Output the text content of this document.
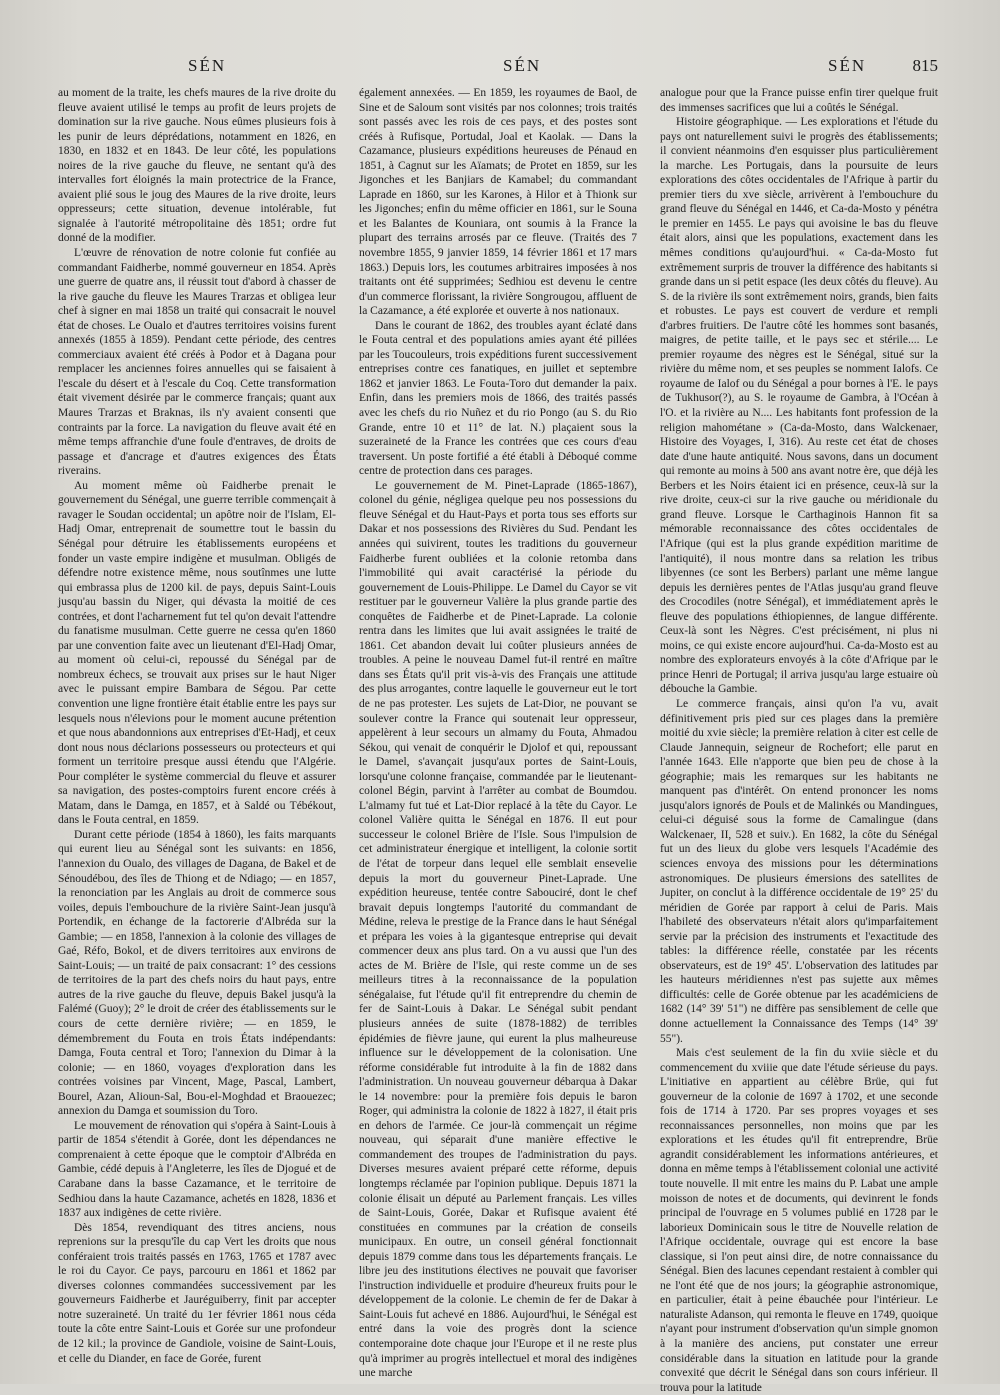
SÉN	SÉN	SÉN	815

au moment de la traite, les chefs maures de la rive droite du fleuve avaient utilisé le temps au profit de leurs projets de domination sur la rive gauche. Nous eûmes plusieurs fois à les punir de leurs déprédations, notamment en 1826, en 1830, en 1832 et en 1843. De leur côté, les populations noires de la rive gauche du fleuve, ne sentant qu'à des intervalles fort éloignés la main protectrice de la France, avaient plié sous le joug des Maures de la rive droite, leurs oppresseurs; cette situation, devenue intolérable, fut signalée à l'autorité métropolitaine dès 1851; ordre fut donné de la modifier.

L'œuvre de rénovation de notre colonie fut confiée au commandant Faidherbe, nommé gouverneur en 1854. Après une guerre de quatre ans, il réussit tout d'abord à chasser de la rive gauche du fleuve les Maures Trarzas et obligea leur chef à signer en mai 1858 un traité qui consacrait le nouvel état de choses. Le Oualo et d'autres territoires voisins furent annexés (1855 à 1859). Pendant cette période, des centres commerciaux avaient été créés à Podor et à Dagana pour remplacer les anciennes foires annuelles qui se faisaient à l'escale du désert et à l'escale du Coq. Cette transformation était vivement désirée par le commerce français; quant aux Maures Trarzas et Braknas, ils n'y avaient consenti que contraints par la force. La navigation du fleuve avait été en même temps affranchie d'une foule d'entraves, de droits de passage et d'ancrage et d'autres exigences des États riverains.

Au moment même où Faidherbe prenait le gouvernement du Sénégal, une guerre terrible commençait à ravager le Soudan occidental; un apôtre noir de l'Islam, El-Hadj Omar, entreprenait de soumettre tout le bassin du Sénégal pour détruire les établissements européens et fonder un vaste empire indigène et musulman. Obligés de défendre notre existence même, nous soutînmes une lutte qui embrassa plus de 1200 kil. de pays, depuis Saint-Louis jusqu'au bassin du Niger, qui dévasta la moitié de ces contrées, et dont l'acharnement fut tel qu'on devait l'attendre du fanatisme musulman. Cette guerre ne cessa qu'en 1860 par une convention faite avec un lieutenant d'El-Hadj Omar, au moment où celui-ci, repoussé du Sénégal par de nombreux échecs, se trouvait aux prises sur le haut Niger avec le puissant empire Bambara de Ségou. Par cette convention une ligne frontière était établie entre les pays sur lesquels nous n'élevions pour le moment aucune prétention et que nous abandonnions aux entreprises d'Et-Hadj, et ceux dont nous nous déclarions possesseurs ou protecteurs et qui forment un territoire presque aussi étendu que l'Algérie. Pour compléter le système commercial du fleuve et assurer sa navigation, des postes-comptoirs furent encore créés à Matam, dans le Damga, en 1857, et à Saldé ou Tébékout, dans le Fouta central, en 1859.

Durant cette période (1854 à 1860), les faits marquants qui eurent lieu au Sénégal sont les suivants: en 1856, l'annexion du Oualo, des villages de Dagana, de Bakel et de Sénoudébou, des îles de Thiong et de Ndiago; — en 1857, la renonciation par les Anglais au droit de commerce sous voiles, depuis l'embouchure de la rivière Saint-Jean jusqu'à Portendik, en échange de la factorerie d'Albréda sur la Gambie; — en 1858, l'annexion à la colonie des villages de Gaé, Réfo, Bokol, et de divers territoires aux environs de Saint-Louis; — un traité de paix consacrant: 1° des cessions de territoires de la part des chefs noirs du haut pays, entre autres de la rive gauche du fleuve, depuis Bakel jusqu'à la Falémé (Guoy); 2° le droit de créer des établissements sur le cours de cette dernière rivière; — en 1859, le démembrement du Fouta en trois États indépendants: Damga, Fouta central et Toro; l'annexion du Dimar à la colonie; — en 1860, voyages d'exploration dans les contrées voisines par Vincent, Mage, Pascal, Lambert, Bourel, Azan, Alioun-Sal, Bou-el-Moghdad et Braouezec; annexion du Damga et soumission du Toro.

Le mouvement de rénovation qui s'opéra à Saint-Louis à partir de 1854 s'étendit à Gorée, dont les dépendances ne comprenaient à cette époque que le comptoir d'Albréda en Gambie, cédé depuis à l'Angleterre, les îles de Djogué et de Carabane dans la basse Cazamance, et le territoire de Sedhiou dans la haute Cazamance, achetés en 1828, 1836 et 1837 aux indigènes de cette rivière.

Dès 1854, revendiquant des titres anciens, nous reprenions sur la presqu'île du cap Vert les droits que nous conféraient trois traités passés en 1763, 1765 et 1787 avec le roi du Cayor. Ce pays, parcouru en 1861 et 1862 par diverses colonnes commandées successivement par les gouverneurs Faidherbe et Jauréguiberry, finit par accepter notre suzeraineté. Un traité du 1er février 1861 nous céda toute la côte entre Saint-Louis et Gorée sur une profondeur de 12 kil.; la province de Gandiole, voisine de Saint-Louis, et celle du Diander, en face de Gorée, furent

également annexées. — En 1859, les royaumes de Baol, de Sine et de Saloum sont visités par nos colonnes; trois traités sont passés avec les rois de ces pays, et des postes sont créés à Rufisque, Portudal, Joal et Kaolak. — Dans la Cazamance, plusieurs expéditions heureuses de Pénaud en 1851, à Cagnut sur les Aïamats; de Protet en 1859, sur les Jigonches et les Banjiars de Kamabel; du commandant Laprade en 1860, sur les Karones, à Hilor et à Thionk sur les Jigonches; enfin du même officier en 1861, sur le Souna et les Balantes de Kouniara, ont soumis à la France la plupart des terrains arrosés par ce fleuve. (Traités des 7 novembre 1855, 9 janvier 1859, 14 février 1861 et 17 mars 1863.) Depuis lors, les coutumes arbitraires imposées à nos traitants ont été supprimées; Sedhiou est devenu le centre d'un commerce florissant, la rivière Songrougou, affluent de la Cazamance, a été explorée et ouverte à nos nationaux.

Dans le courant de 1862, des troubles ayant éclaté dans le Fouta central et des populations amies ayant été pillées par les Toucouleurs, trois expéditions furent successivement entreprises contre ces fanatiques, en juillet et septembre 1862 et janvier 1863. Le Fouta-Toro dut demander la paix. Enfin, dans les premiers mois de 1866, des traités passés avec les chefs du rio Nuñez et du rio Pongo (au S. du Rio Grande, entre 10 et 11° de lat. N.) plaçaient sous la suzeraineté de la France les contrées que ces cours d'eau traversent. Un poste fortifié a été établi à Déboqué comme centre de protection dans ces parages.

Le gouvernement de M. Pinet-Laprade (1865-1867), colonel du génie, négligea quelque peu nos possessions du fleuve Sénégal et du Haut-Pays et porta tous ses efforts sur Dakar et nos possessions des Rivières du Sud. Pendant les années qui suivirent, toutes les traditions du gouverneur Faidherbe furent oubliées et la colonie retomba dans l'immobilité qui avait caractérisé la période du gouvernement de Louis-Philippe. Le Damel du Cayor se vit restituer par le gouverneur Valière la plus grande partie des conquêtes de Faidherbe et de Pinet-Laprade. La colonie rentra dans les limites que lui avait assignées le traité de 1861. Cet abandon devait lui coûter plusieurs années de troubles. A peine le nouveau Damel fut-il rentré en maître dans ses États qu'il prit vis-à-vis des Français une attitude des plus arrogantes, contre laquelle le gouverneur eut le tort de ne pas protester. Les sujets de Lat-Dior, ne pouvant se soulever contre la France qui soutenait leur oppresseur, appelèrent à leur secours un almamy du Fouta, Ahmadou Sékou, qui venait de conquérir le Djolof et qui, repoussant le Damel, s'avançait jusqu'aux portes de Saint-Louis, lorsqu'une colonne française, commandée par le lieutenant-colonel Bégin, parvint à l'arrêter au combat de Boumdou. L'almamy fut tué et Lat-Dior replacé à la tête du Cayor. Le colonel Valière quitta le Sénégal en 1876. Il eut pour successeur le colonel Brière de l'Isle. Sous l'impulsion de cet administrateur énergique et intelligent, la colonie sortit de l'état de torpeur dans lequel elle semblait ensevelie depuis la mort du gouverneur Pinet-Laprade. Une expédition heureuse, tentée contre Sabouciré, dont le chef bravait depuis longtemps l'autorité du commandant de Médine, releva le prestige de la France dans le haut Sénégal et prépara les voies à la gigantesque entreprise qui devait commencer deux ans plus tard. On a vu aussi que l'un des actes de M. Brière de l'Isle, qui reste comme un de ses meilleurs titres à la reconnaissance de la population sénégalaise, fut l'étude qu'il fit entreprendre du chemin de fer de Saint-Louis à Dakar. Le Sénégal subit pendant plusieurs années de suite (1878-1882) de terribles épidémies de fièvre jaune, qui eurent la plus malheureuse influence sur le développement de la colonisation. Une réforme considérable fut introduite à la fin de 1882 dans l'administration. Un nouveau gouverneur débarqua à Dakar le 14 novembre: pour la première fois depuis le baron Roger, qui administra la colonie de 1822 à 1827, il était pris en dehors de l'armée. Ce jour-là commençait un régime nouveau, qui séparait d'une manière effective le commandement des troupes de l'administration du pays. Diverses mesures avaient préparé cette réforme, depuis longtemps réclamée par l'opinion publique. Depuis 1871 la colonie élisait un député au Parlement français. Les villes de Saint-Louis, Gorée, Dakar et Rufisque avaient été constituées en communes par la création de conseils municipaux. En outre, un conseil général fonctionnait depuis 1879 comme dans tous les départements français. Le libre jeu des institutions électives ne pouvait que favoriser l'instruction individuelle et produire d'heureux fruits pour le développement de la colonie. Le chemin de fer de Dakar à Saint-Louis fut achevé en 1886. Aujourd'hui, le Sénégal est entré dans la voie des progrès dont la science contemporaine dote chaque jour l'Europe et il ne reste plus qu'à imprimer au progrès intellectuel et moral des indigènes une marche

analogue pour que la France puisse enfin tirer quelque fruit des immenses sacrifices que lui a coûtés le Sénégal.

Histoire géographique. — Les explorations et l'étude du pays ont naturellement suivi le progrès des établissements; il convient néanmoins d'en esquisser plus particulièrement la marche. Les Portugais, dans la poursuite de leurs explorations des côtes occidentales de l'Afrique à partir du premier tiers du xve siècle, arrivèrent à l'embouchure du grand fleuve du Sénégal en 1446, et Ca-da-Mosto y pénétra le premier en 1455. Le pays qui avoisine le bas du fleuve était alors, ainsi que les populations, exactement dans les mêmes conditions qu'aujourd'hui. « Ca-da-Mosto fut extrêmement surpris de trouver la différence des habitants si grande dans un si petit espace (les deux côtés du fleuve). Au S. de la rivière ils sont extrêmement noirs, grands, bien faits et robustes. Le pays est couvert de verdure et rempli d'arbres fruitiers. De l'autre côté les hommes sont basanés, maigres, de petite taille, et le pays sec et stérile.... Le premier royaume des nègres est le Sénégal, situé sur la rivière du même nom, et ses peuples se nomment Ialofs. Ce royaume de Ialof ou du Sénégal a pour bornes à l'E. le pays de Tukhusor(?), au S. le royaume de Gambra, à l'Océan à l'O. et la rivière au N.... Les habitants font profession de la religion mahométane » (Ca-da-Mosto, dans Walckenaer, Histoire des Voyages, I, 316). Au reste cet état de choses date d'une haute antiquité. Nous savons, dans un document qui remonte au moins à 500 ans avant notre ère, que déjà les Berbers et les Noirs étaient ici en présence, ceux-là sur la rive droite, ceux-ci sur la rive gauche ou méridionale du grand fleuve. Lorsque le Carthaginois Hannon fit sa mémorable reconnaissance des côtes occidentales de l'Afrique (qui est la plus grande expédition maritime de l'antiquité), il nous montre dans sa relation les tribus libyennes (ce sont les Berbers) parlant une même langue depuis les dernières pentes de l'Atlas jusqu'au grand fleuve des Crocodiles (notre Sénégal), et immédiatement après le fleuve des populations éthiopiennes, de langue différente. Ceux-là sont les Nègres. C'est précisément, ni plus ni moins, ce qui existe encore aujourd'hui. Ca-da-Mosto est au nombre des explorateurs envoyés à la côte d'Afrique par le prince Henri de Portugal; il arriva jusqu'au large estuaire où débouche la Gambie.

Le commerce français, ainsi qu'on l'a vu, avait définitivement pris pied sur ces plages dans la première moitié du xvie siècle; la première relation à citer est celle de Claude Jannequin, seigneur de Rochefort; elle parut en l'année 1643. Elle n'apporte que bien peu de chose à la géographie; mais les remarques sur les habitants ne manquent pas d'intérêt. On entend prononcer les noms jusqu'alors ignorés de Pouls et de Malinkés ou Mandingues, celui-ci déguisé sous la forme de Camalingue (dans Walckenaer, II, 528 et suiv.). En 1682, la côte du Sénégal fut un des lieux du globe vers lesquels l'Académie des sciences envoya des missions pour les déterminations astronomiques. De plusieurs émersions des satellites de Jupiter, on conclut à la différence occidentale de 19° 25' du méridien de Gorée par rapport à celui de Paris. Mais l'habileté des observateurs n'était alors qu'imparfaitement servie par la précision des instruments et l'exactitude des tables: la différence réelle, constatée par les récents observateurs, est de 19° 45'. L'observation des latitudes par les hauteurs méridiennes n'est pas sujette aux mêmes difficultés: celle de Gorée obtenue par les académiciens de 1682 (14° 39' 51") ne diffère pas sensiblement de celle que donne actuellement la Connaissance des Temps (14° 39' 55").

Mais c'est seulement de la fin du xviie siècle et du commencement du xviiie que date l'étude sérieuse du pays. L'initiative en appartient au célèbre Brüe, qui fut gouverneur de la colonie de 1697 à 1702, et une seconde fois de 1714 à 1720. Par ses propres voyages et ses reconnaissances personnelles, non moins que par les explorations et les études qu'il fit entreprendre, Brüe agrandit considérablement les informations antérieures, et donna en même temps à l'établissement colonial une activité toute nouvelle. Il mit entre les mains du P. Labat une ample moisson de notes et de documents, qui devinrent le fonds principal de l'ouvrage en 5 volumes publié en 1728 par le laborieux Dominicain sous le titre de Nouvelle relation de l'Afrique occidentale, ouvrage qui est encore la base classique, si l'on peut ainsi dire, de notre connaissance du Sénégal. Bien des lacunes cependant restaient à combler qui ne l'ont été que de nos jours; la géographie astronomique, en particulier, était à peine ébauchée pour l'intérieur. Le naturaliste Adanson, qui remonta le fleuve en 1749, quoique n'ayant pour instrument d'observation qu'un simple gnomon à la manière des anciens, put constater une erreur considérable dans la situation en latitude pour la grande convexité que décrit le Sénégal dans son cours inférieur. Il trouva pour la latitude
